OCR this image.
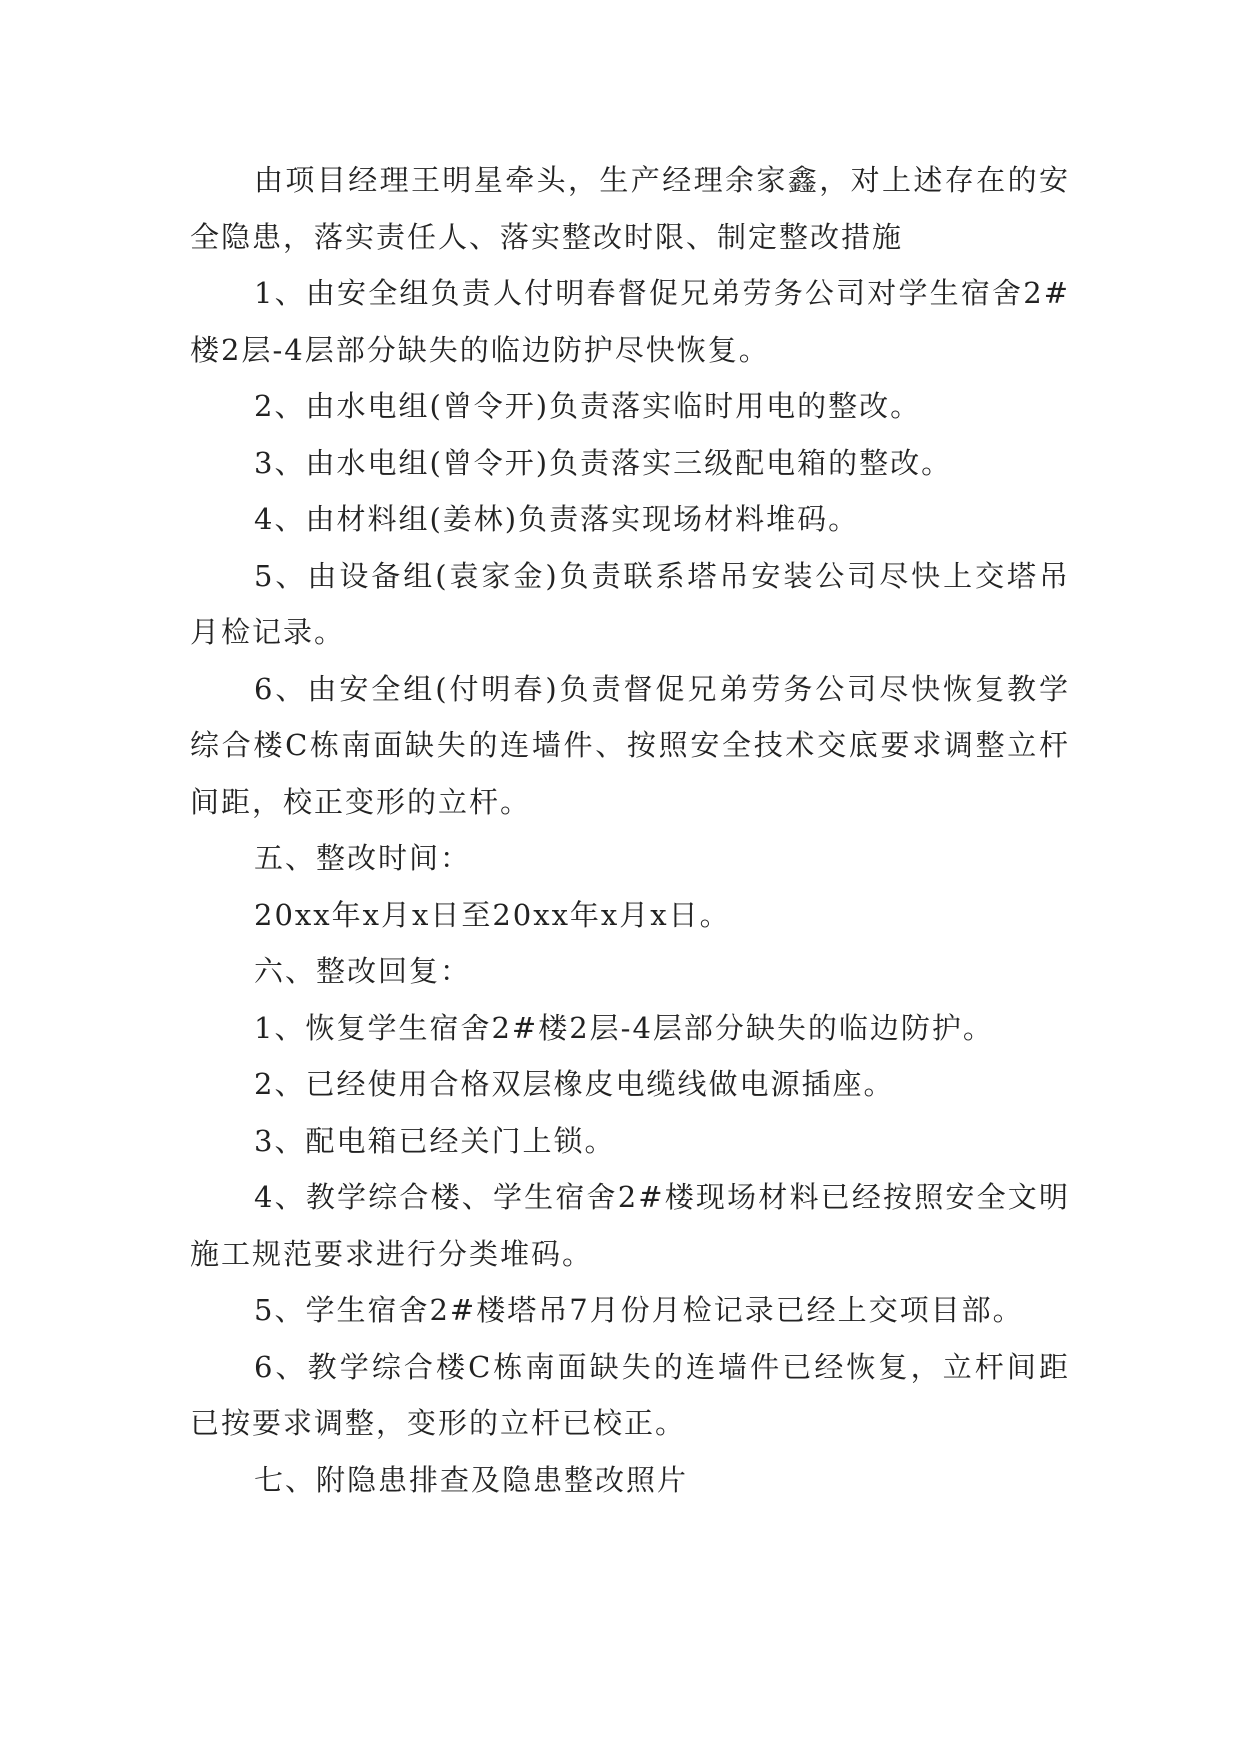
由项目经理王明星牵头，生产经理余家鑫，对上述存在的安全隐患，落实责任人、落实整改时限、制定整改措施

1、由安全组负责人付明春督促兄弟劳务公司对学生宿舍2#楼2层-4层部分缺失的临边防护尽快恢复。

2、由水电组(曾令开)负责落实临时用电的整改。

3、由水电组(曾令开)负责落实三级配电箱的整改。

4、由材料组(姜林)负责落实现场材料堆码。

5、由设备组(袁家金)负责联系塔吊安装公司尽快上交塔吊月检记录。

6、由安全组(付明春)负责督促兄弟劳务公司尽快恢复教学综合楼C栋南面缺失的连墙件、按照安全技术交底要求调整立杆间距，校正变形的立杆。

五、整改时间：

20xx年x月x日至20xx年x月x日。

六、整改回复：

1、恢复学生宿舍2#楼2层-4层部分缺失的临边防护。

2、已经使用合格双层橡皮电缆线做电源插座。

3、配电箱已经关门上锁。

4、教学综合楼、学生宿舍2#楼现场材料已经按照安全文明施工规范要求进行分类堆码。

5、学生宿舍2#楼塔吊7月份月检记录已经上交项目部。

6、教学综合楼C栋南面缺失的连墙件已经恢复，立杆间距已按要求调整，变形的立杆已校正。

七、附隐患排查及隐患整改照片
